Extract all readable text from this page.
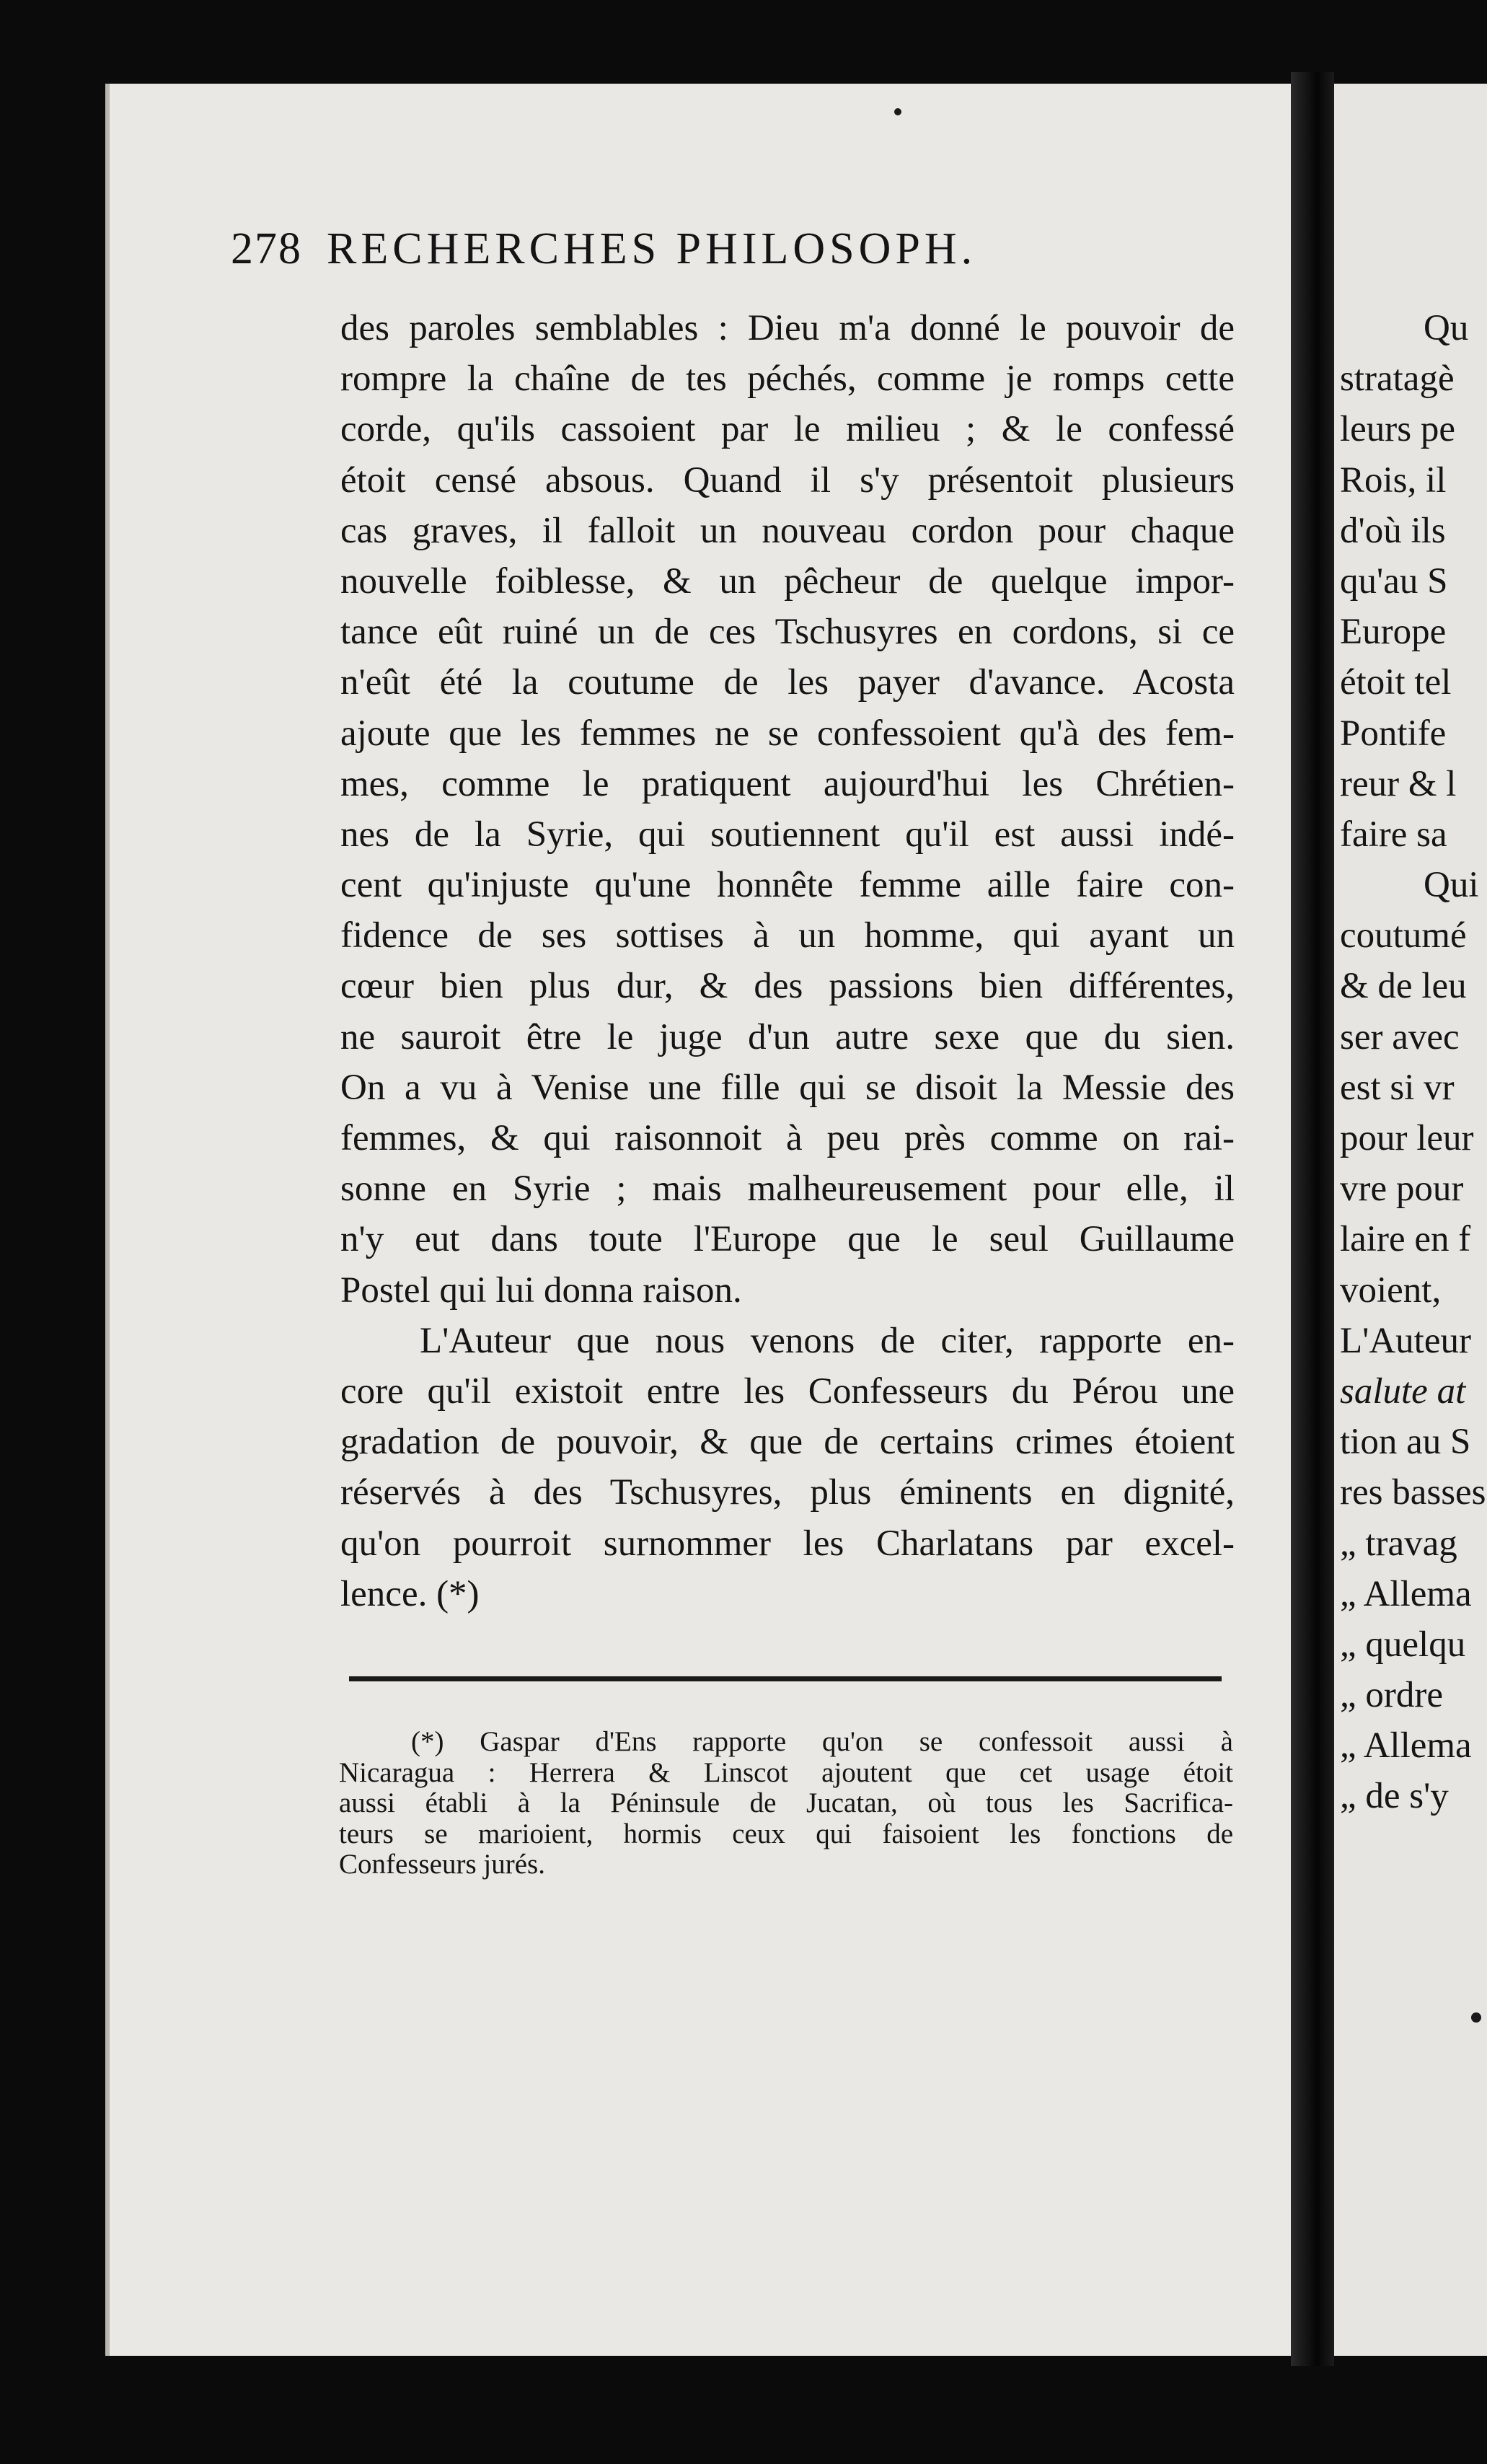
278 RECHERCHES PHILOSOPH.
des paroles semblables : Dieu m'a donné le pouvoir de
rompre la chaîne de tes péchés, comme je romps cette
corde, qu'ils cassoient par le milieu ; & le confessé
étoit censé absous. Quand il s'y présentoit plusieurs
cas graves, il falloit un nouveau cordon pour chaque
nouvelle foiblesse, & un pêcheur de quelque impor-
tance eût ruiné un de ces Tschusyres en cordons, si ce
n'eût été la coutume de les payer d'avance. Acosta
ajoute que les femmes ne se confessoient qu'à des fem-
mes, comme le pratiquent aujourd'hui les Chrétien-
nes de la Syrie, qui soutiennent qu'il est aussi indé-
cent qu'injuste qu'une honnête femme aille faire con-
fidence de ses sottises à un homme, qui ayant un
cœur bien plus dur, & des passions bien différentes,
ne sauroit être le juge d'un autre sexe que du sien.
On a vu à Venise une fille qui se disoit la Messie des
femmes, & qui raisonnoit à peu près comme on rai-
sonne en Syrie ; mais malheureusement pour elle, il
n'y eut dans toute l'Europe que le seul Guillaume
Postel qui lui donna raison.
L'Auteur que nous venons de citer, rapporte en-
core qu'il existoit entre les Confesseurs du Pérou une
gradation de pouvoir, & que de certains crimes étoient
réservés à des Tschusyres, plus éminents en dignité,
qu'on pourroit surnommer les Charlatans par excel-
lence. (*)
(*) Gaspar d'Ens rapporte qu'on se confessoit aussi à
Nicaragua : Herrera & Linscot ajoutent que cet usage étoit
aussi établi à la Péninsule de Jucatan, où tous les Sacrifica-
teurs se marioient, hormis ceux qui faisoient les fonctions de
Confesseurs jurés.
Qu
stratagè
leurs pe
Rois, il
d'où ils
qu'au S
Europe
étoit tel
Pontife
reur & l
faire sa
Qui
coutumé
& de leu
ser avec
est si vr
pour leur
vre pour
laire en f
voient,
L'Auteur
salute at
tion au S
res basses
„ travag
„ Allema
„ quelqu
„ ordre
„ Allema
„ de s'y
